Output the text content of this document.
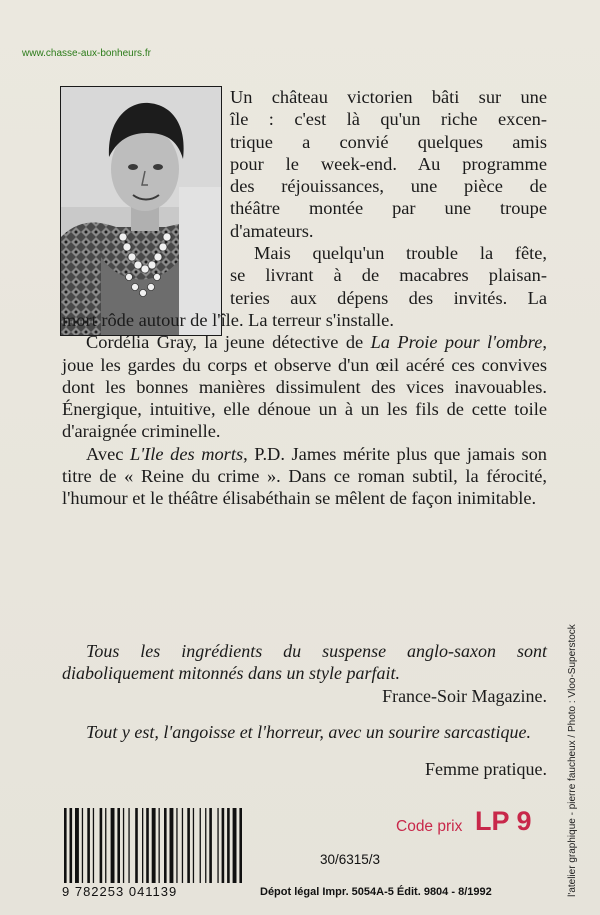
www.chasse-aux-bonheurs.fr
Un château victorien bâti sur une
île : c'est là qu'un riche excen-
trique a convié quelques amis
pour le week-end. Au programme
des réjouissances, une pièce de
théâtre montée par une troupe
d'amateurs.
Mais quelqu'un trouble la fête,
se livrant à de macabres plaisan-
teries aux dépens des invités. La
mort rôde autour de l'île. La terreur s'installe.

Cordélia Gray, la jeune détective de La Proie pour l'ombre, joue les gardes du corps et observe d'un œil acéré ces convives dont les bonnes manières dissimulent des vices inavouables. Énergique, intuitive, elle dénoue un à un les fils de cette toile d'araignée criminelle.

Avec L'Ile des morts, P.D. James mérite plus que jamais son titre de « Reine du crime ». Dans ce roman subtil, la férocité, l'humour et le théâtre élisabéthain se mêlent de façon inimitable.

Tous les ingrédients du suspense anglo-saxon sont diaboliquement mitonnés dans un style parfait.

France-Soir Magazine.

Tout y est, l'angoisse et l'horreur, avec un sourire sarcastique.

Femme pratique.

9 782253 041139
Code prix LP 9
30/6315/3
Dépot légal Impr. 5054A-5 Édit. 9804 - 8/1992	l'atelier graphique - pierre faucheux / Photo : Vloo-Superstock
